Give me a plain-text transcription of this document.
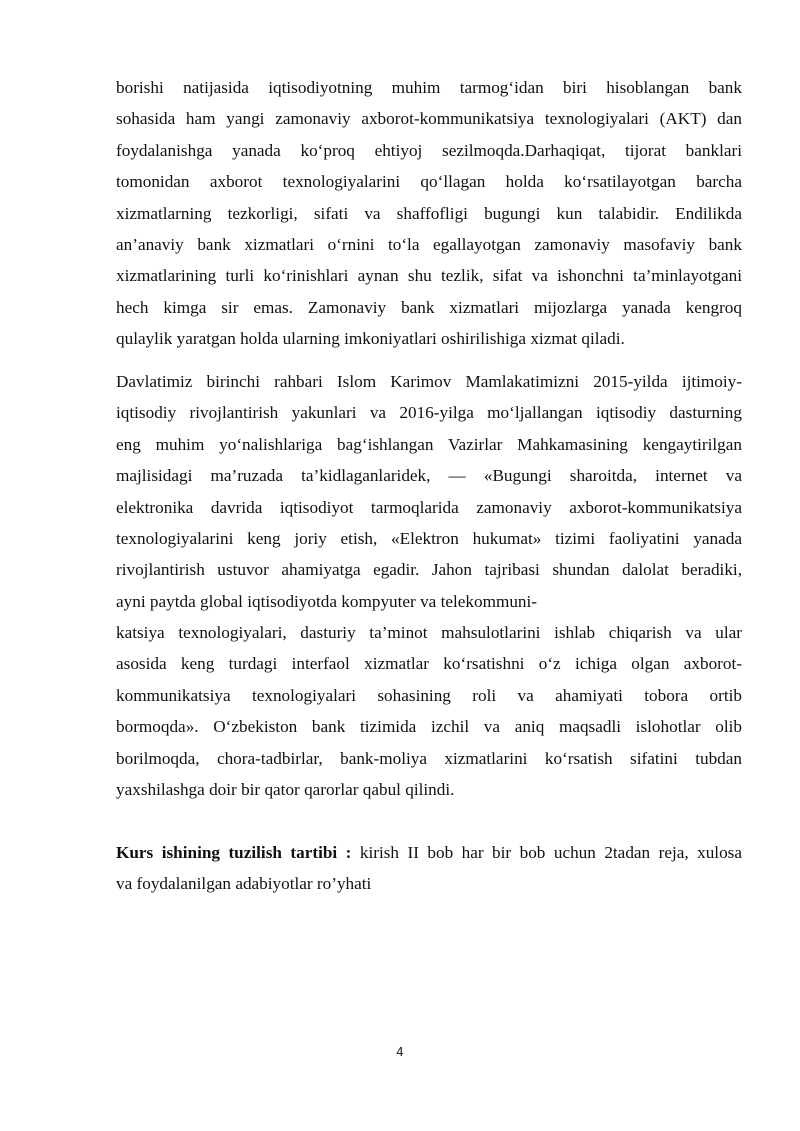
borishi natijasida iqtisodiyotning muhim tarmog‘idan biri hisoblangan bank
sohasida ham yangi zamonaviy axborot-kommunikatsiya texnologiyalari (AKT) dan
foydalanishga yanada ko‘proq ehtiyoj sezilmoqda.Darhaqiqat, tijorat banklari
tomonidan axborot texnologiyalarini qo‘llagan holda ko‘rsatilayotgan barcha
xizmatlarning tezkorligi, sifati va shaffofligi bugungi kun talabidir. Endilikda
an’anaviy bank xizmatlari o‘rnini to‘la egallayotgan zamonaviy masofaviy bank
xizmatlarining turli ko‘rinishlari aynan shu tezlik, sifat va ishonchni ta’minlayotgani
hech kimga sir emas. Zamonaviy bank xizmatlari mijozlarga yanada kengroq
qulaylik yaratgan holda ularning imkoniyatlari oshirilishiga xizmat qiladi.
Davlatimiz birinchi rahbari Islom Karimov Mamlakatimizni 2015-yilda ijtimoiy-
iqtisodiy rivojlantirish yakunlari va 2016-yilga mo‘ljallangan iqtisodiy dasturning
eng muhim yo‘nalishlariga bag‘ishlangan Vazirlar Mahkamasining kengaytirilgan
majlisidagi ma’ruzada ta’kidlaganlaridek, — «Bugungi sharoitda, internet va
elektronika davrida iqtisodiyot tarmoqlarida zamonaviy axborot-kommunikatsiya
texnologiyalarini keng joriy etish, «Elektron hukumat» tizimi faoliyatini yanada
rivojlantirish ustuvor ahamiyatga egadir. Jahon tajribasi shundan dalolat beradiki,
ayni paytda global iqtisodiyotda kompyuter va telekommuni-
katsiya texnologiyalari, dasturiy ta’minot mahsulotlarini ishlab chiqarish va ular
asosida keng turdagi interfaol xizmatlar ko‘rsatishni o‘z ichiga olgan axborot-
kommunikatsiya texnologiyalari sohasining roli va ahamiyati tobora ortib
bormoqda». O‘zbekiston bank tizimida izchil va aniq maqsadli islohotlar olib
borilmoqda, chora-tadbirlar, bank-moliya xizmatlarini ko‘rsatish sifatini tubdan
yaxshilashga doir bir qator qarorlar qabul qilindi.
Kurs ishining tuzilish tartibi : kirish II bob har bir bob uchun 2tadan reja, xulosa
va foydalanilgan adabiyotlar ro’yhati
4
